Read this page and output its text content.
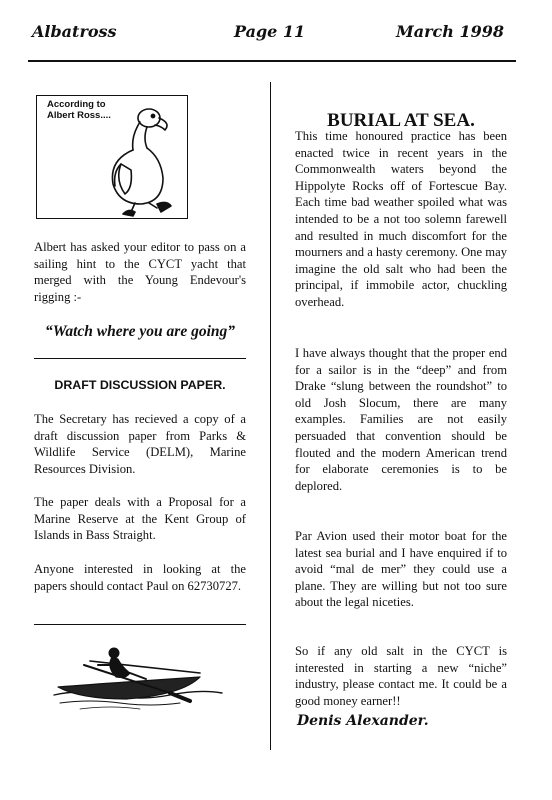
Albatross	Page 11	March 1998
According to
Albert Ross....

Albert has asked your editor to pass on a sailing hint to the CYCT yacht that merged with the Young Endevour's rigging :-

“Watch where you are going”
DRAFT DISCUSSION PAPER.

The Secretary has recieved a copy of a draft discussion paper from Parks & Wildlife Service (DELM), Marine Resources Division.

The paper deals with a Proposal for a Marine Reserve at the Kent Group of Islands in Bass Straight.

Anyone interested in looking at the papers should contact Paul on 62730727.

BURIAL AT SEA.

This time honoured practice has been enacted twice in recent years in the Commonwealth waters beyond the Hippolyte Rocks off of Fortescue Bay. Each time bad weather spoiled what was intended to be a not too solemn farewell and resulted in much discomfort for the mourners and a hasty ceremony. One may imagine the old salt who had been the principal, if immobile actor, chuckling overhead.

I have always thought that the proper end for a sailor is in the “deep” and from Drake “slung between the roundshot” to old Josh Slocum, there are many examples. Families are not easily persuaded that convention should be flouted and the modern American trend for elaborate ceremonies is to be deplored.

Par Avion used their motor boat for the latest sea burial and I have enquired if to avoid “mal de mer” they could use a plane. They are willing but not too sure about the legal niceties.

So if any old salt in the CYCT is interested in starting a new “niche” industry, please contact me. It could be a good money earner!!

Denis Alexander.
